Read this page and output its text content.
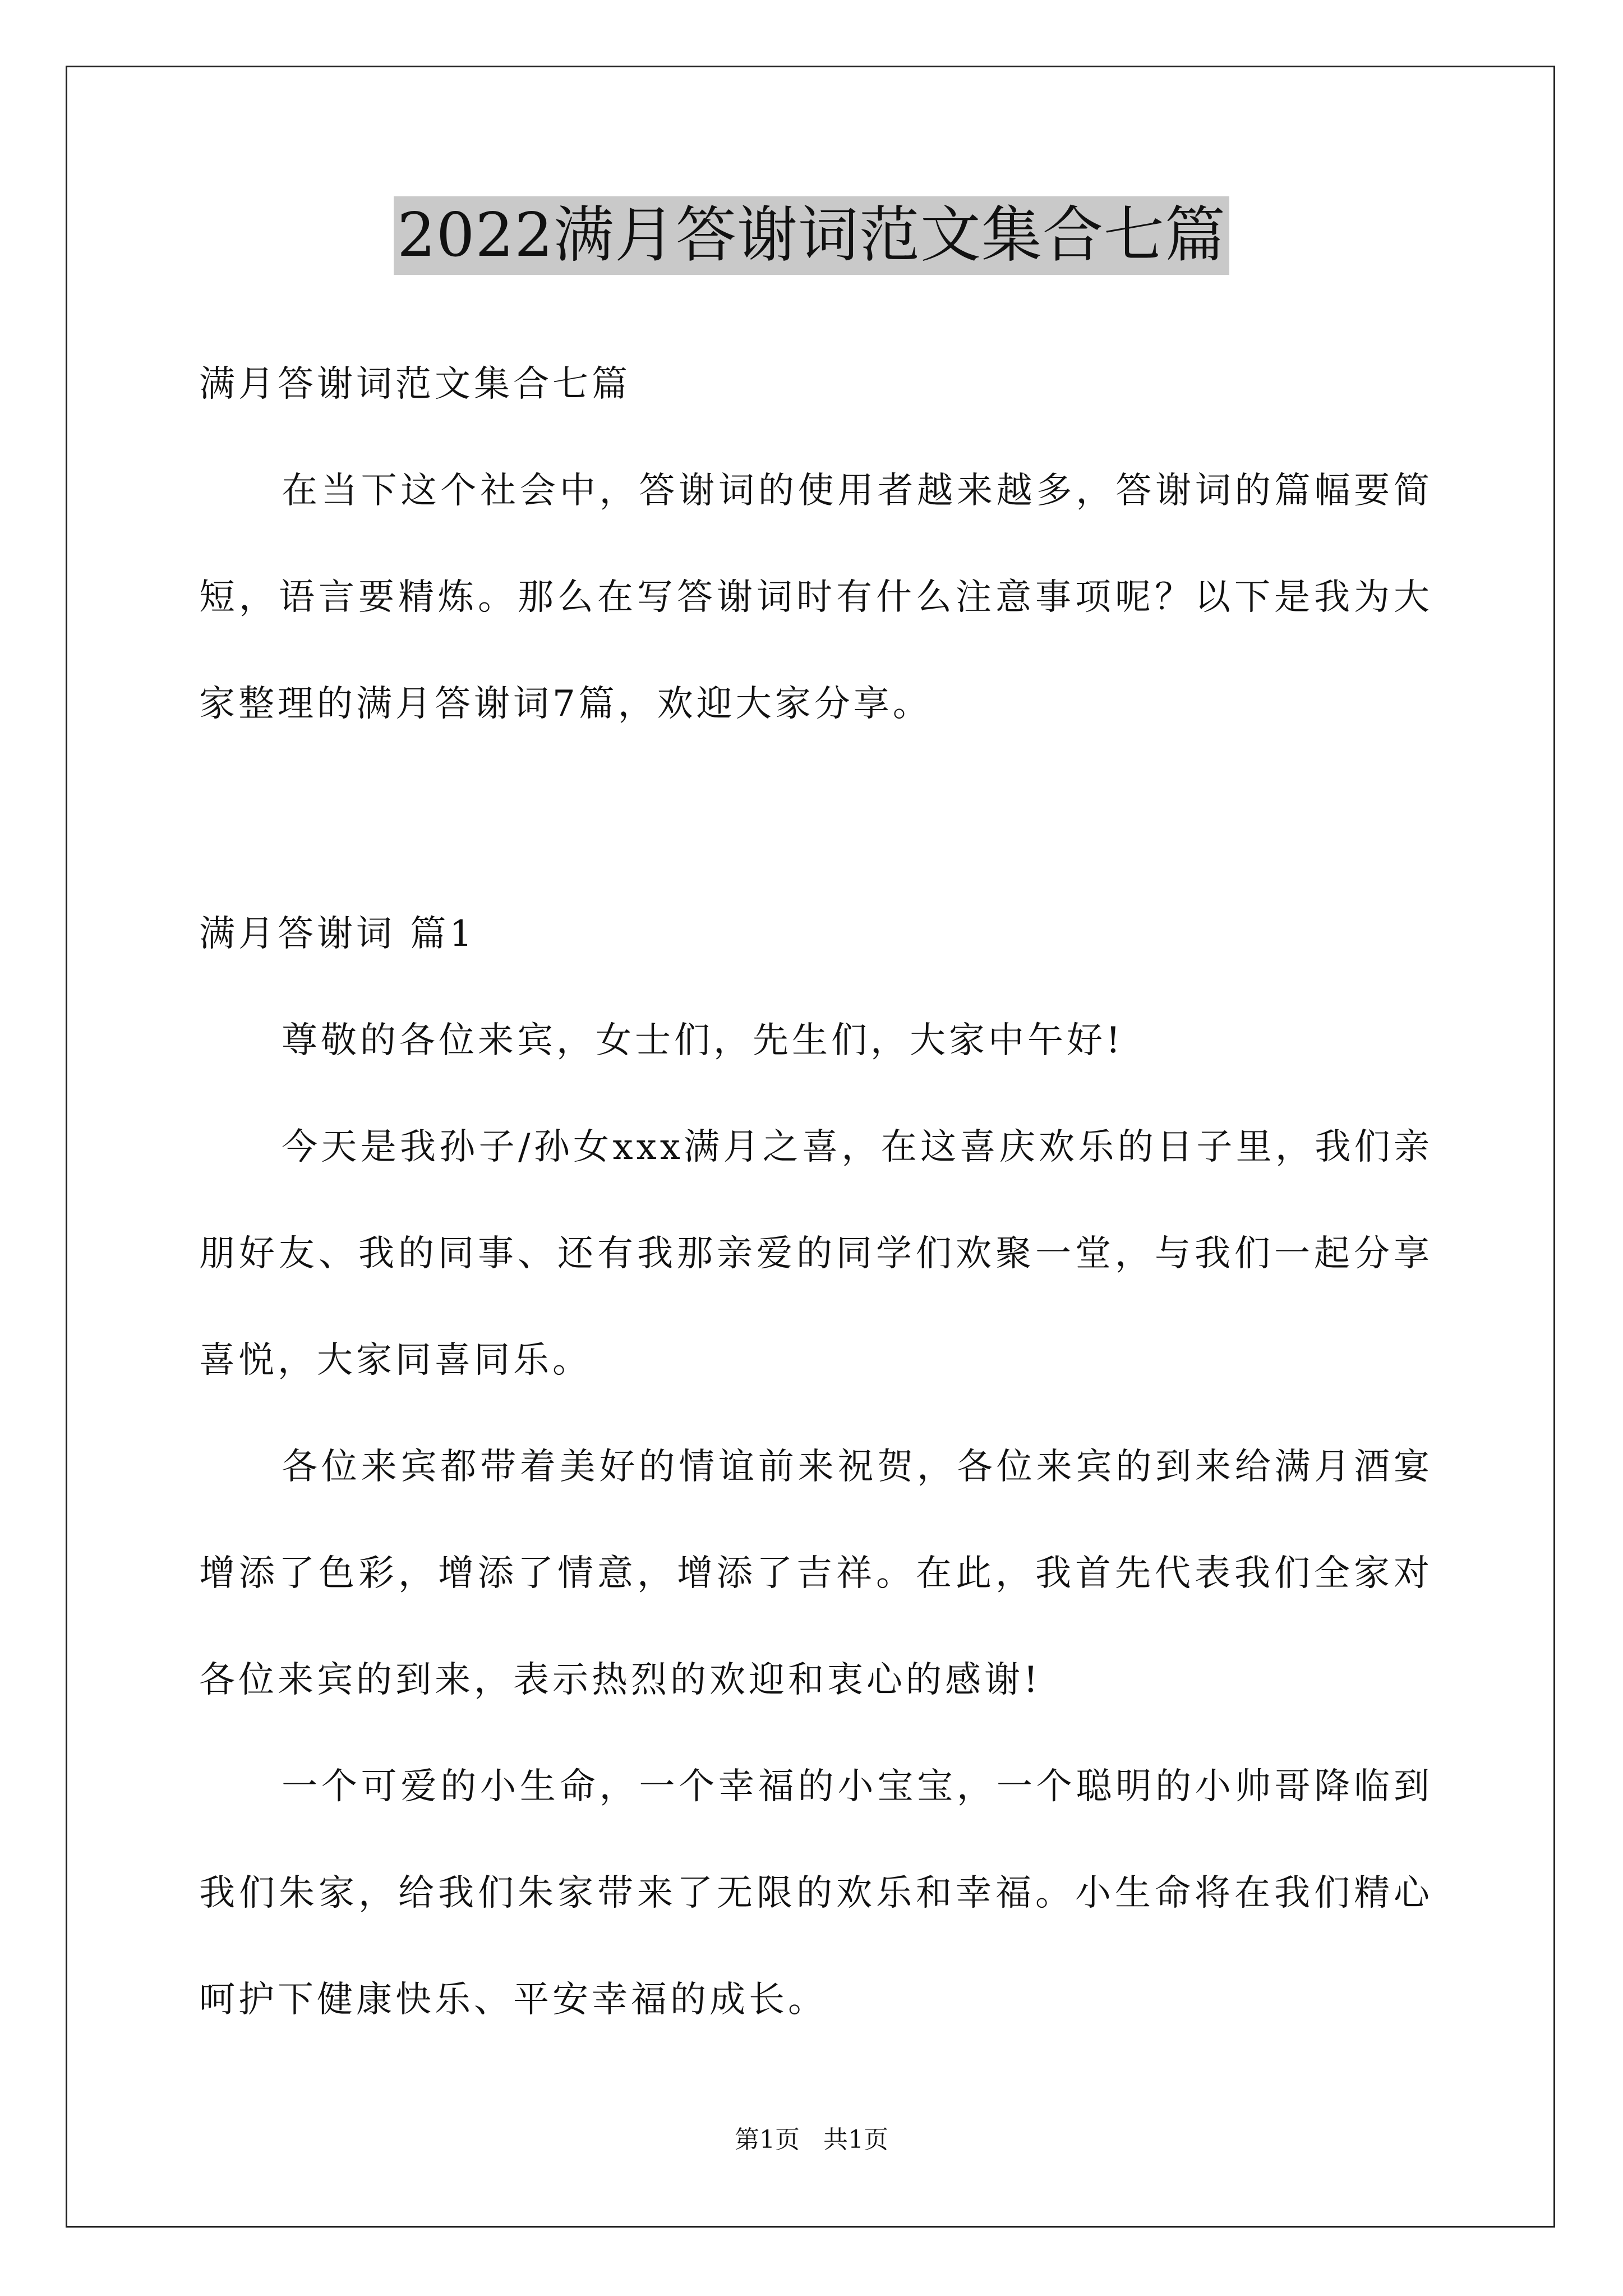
2022满月答谢词范文集合七篇
满月答谢词范文集合七篇

在当下这个社会中，答谢词的使用者越来越多，答谢词的篇幅要简短，语言要精炼。那么在写答谢词时有什么注意事项呢？以下是我为大家整理的满月答谢词7篇，欢迎大家分享。

满月答谢词 篇1

尊敬的各位来宾，女士们，先生们，大家中午好!

今天是我孙子/孙女xxx满月之喜，在这喜庆欢乐的日子里，我们亲朋好友、我的同事、还有我那亲爱的同学们欢聚一堂，与我们一起分享喜悦，大家同喜同乐。

各位来宾都带着美好的情谊前来祝贺，各位来宾的到来给满月酒宴增添了色彩，增添了情意，增添了吉祥。在此，我首先代表我们全家对各位来宾的到来，表示热烈的欢迎和衷心的感谢!

一个可爱的小生命，一个幸福的小宝宝，一个聪明的小帅哥降临到我们朱家，给我们朱家带来了无限的欢乐和幸福。小生命将在我们精心呵护下健康快乐、平安幸福的成长。

第1页   共1页
